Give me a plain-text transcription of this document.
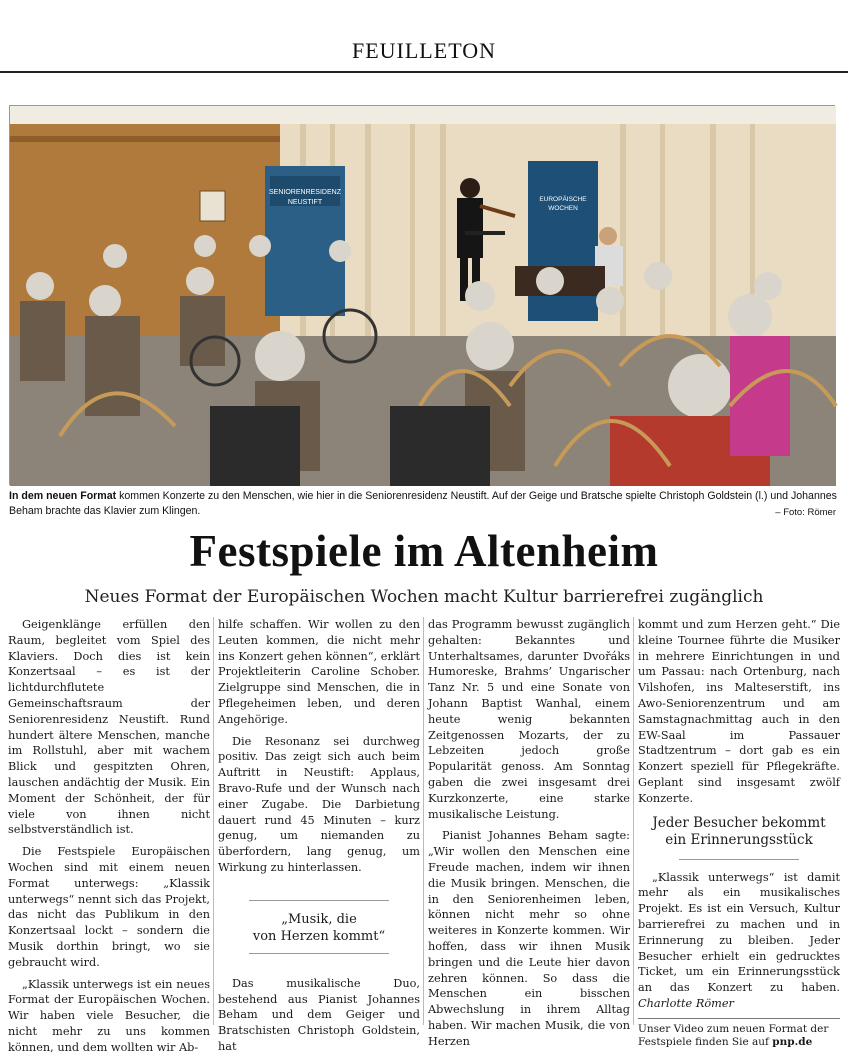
FEUILLETON
SENIORENRESIDENZ
NEUSTIFT	EUROPÄISCHE
WOCHEN
In dem neuen Format kommen Konzerte zu den Menschen, wie hier in die Seniorenresidenz Neustift. Auf der Geige und Bratsche spielte Christoph Goldstein (l.) und Johannes Beham brachte das Klavier zum Klingen.	– Foto: Römer
Festspiele im Altenheim
Neues Format der Europäischen Wochen macht Kultur barrierefrei zugänglich

Geigenklänge erfüllen den Raum, begleitet vom Spiel des Klaviers. Doch dies ist kein Konzertsaal – es ist der lichtdurchflutete Gemeinschaftsraum der Seniorenresidenz Neustift. Rund hundert ältere Menschen, manche im Rollstuhl, aber mit wachem Blick und gespitzten Ohren, lauschen andächtig der Musik. Ein Moment der Schönheit, der für viele von ihnen nicht selbstverständlich ist.

Die Festspiele Europäischen Wochen sind mit einem neuen Format unterwegs: „Klassik unterwegs“ nennt sich das Projekt, das nicht das Publikum in den Konzertsaal lockt – sondern die Musik dorthin bringt, wo sie gebraucht wird.

„Klassik unterwegs ist ein neues Format der Europäischen Wochen. Wir haben viele Besucher, die nicht mehr zu uns kommen können, und dem wollten wir Ab-

hilfe schaffen. Wir wollen zu den Leuten kommen, die nicht mehr ins Konzert gehen können“, erklärt Projektleiterin Caroline Schober. Zielgruppe sind Menschen, die in Pflegeheimen leben, und deren Angehörige.

Die Resonanz sei durchweg positiv. Das zeigt sich auch beim Auftritt in Neustift: Applaus, Bravo-Rufe und der Wunsch nach einer Zugabe. Die Darbietung dauert rund 45 Minuten – kurz genug, um niemanden zu überfordern, lang genug, um Wirkung zu hinterlassen.

„Musik, die
von Herzen kommt“

Das musikalische Duo, bestehend aus Pianist Johannes Beham und dem Geiger und Bratschisten Christoph Goldstein, hat

das Programm bewusst zugänglich gehalten: Bekanntes und Unterhaltsames, darunter Dvořáks Humoreske, Brahms’ Ungarischer Tanz Nr. 5 und eine Sonate von Johann Baptist Wanhal, einem heute wenig bekannten Zeitgenossen Mozarts, der zu Lebzeiten jedoch große Popularität genoss. Am Sonntag gaben die zwei insgesamt drei Kurzkonzerte, eine starke musikalische Leistung.

Pianist Johannes Beham sagte: „Wir wollen den Menschen eine Freude machen, indem wir ihnen die Musik bringen. Menschen, die in den Seniorenheimen leben, können nicht mehr so ohne weiteres in Konzerte kommen. Wir hoffen, dass wir ihnen Musik bringen und die Leute hier davon zehren können. So dass die Menschen ein bisschen Abwechslung in ihrem Alltag haben. Wir machen Musik, die von Herzen

kommt und zum Herzen geht.“ Die kleine Tournee führte die Musiker in mehrere Einrichtungen in und um Passau: nach Ortenburg, nach Vilshofen, ins Malteserstift, ins Awo-Seniorenzentrum und am Samstagnachmittag auch in den EW-Saal im Passauer Stadtzentrum – dort gab es ein Konzert speziell für Pflegekräfte. Geplant sind insgesamt zwölf Konzerte.

Jeder Besucher bekommt
ein Erinnerungsstück

„Klassik unterwegs“ ist damit mehr als ein musikalisches Projekt. Es ist ein Versuch, Kultur barrierefrei zu machen und in Erinnerung zu bleiben. Jeder Besucher erhielt ein gedrucktes Ticket, um ein Erinnerungsstück an das Konzert zu haben. Charlotte Römer

Unser Video zum neuen Format der Festspiele finden Sie auf pnp.de
